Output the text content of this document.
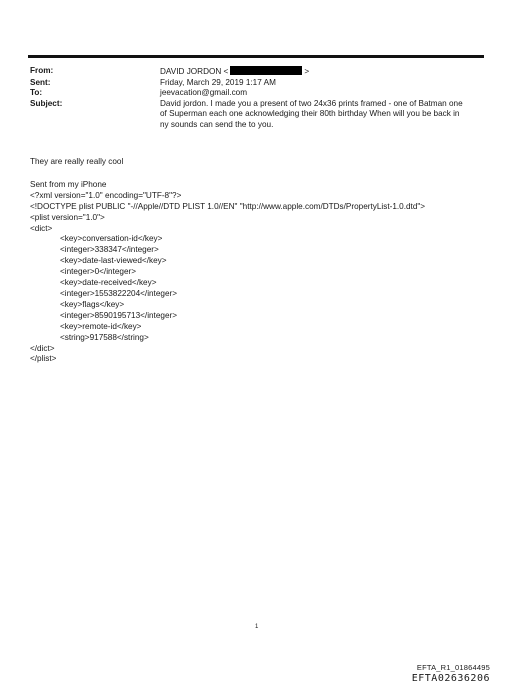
From:	DAVID JORDON <	>
Sent:	Friday, March 29, 2019 1:17 AM
To:	jeevacation@gmail.com
Subject:	David jordon. I made you a present of two 24x36 prints framed - one of Batman one
of Superman each one acknowledging their 80th birthday When will you be back in
ny sounds can send the to you.

They are really really cool

Sent from my iPhone

<?xml version="1.0" encoding="UTF-8"?>

<!DOCTYPE plist PUBLIC "-//Apple//DTD PLIST 1.0//EN" "http://www.apple.com/DTDs/PropertyList-1.0.dtd">

<plist version="1.0">

<dict>

<key>conversation-id</key>

<integer>338347</integer>

<key>date-last-viewed</key>

<integer>0</integer>

<key>date-received</key>

<integer>1553822204</integer>

<key>flags</key>

<integer>8590195713</integer>

<key>remote-id</key>

<string>917588</string>

</dict>

</plist>

1
EFTA_R1_01864495
EFTA02636206
